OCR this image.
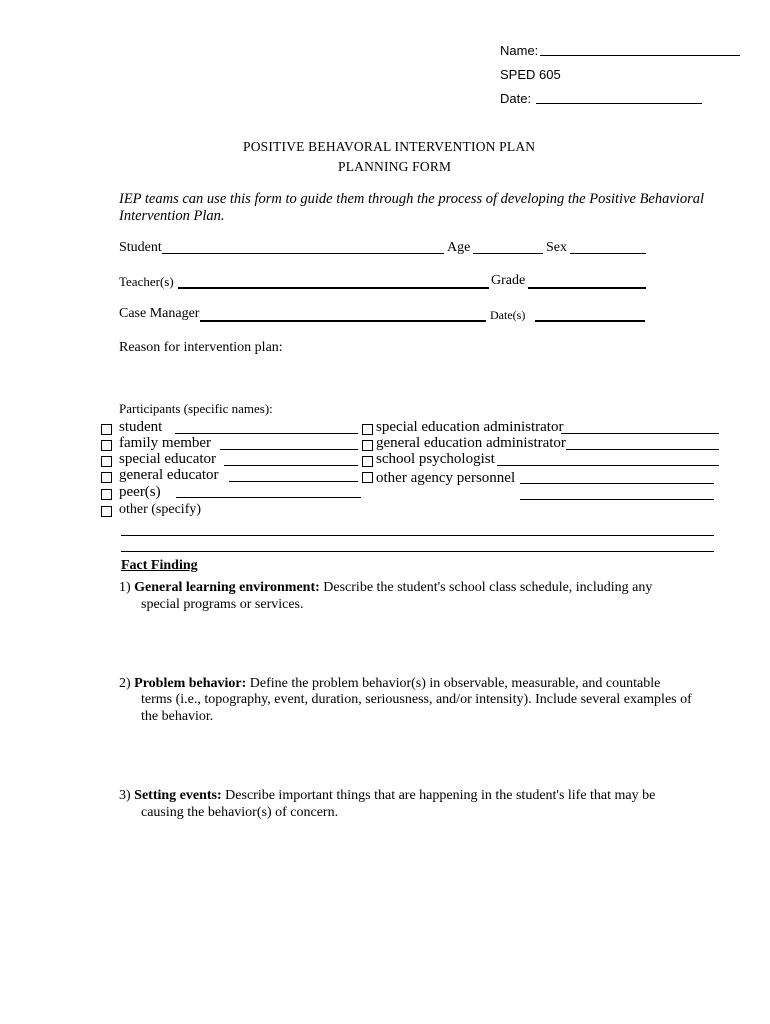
Name:
SPED 605
Date:
POSITIVE BEHAVORAL INTERVENTION PLAN
PLANNING FORM
IEP teams can use this form to guide them through the process of developing the Positive Behavioral
Intervention Plan.
Student	Age	Sex
Teacher(s)	Grade
Case Manager	Date(s)
Reason for intervention plan:
Participants (specific names):
student
family member
special educator
general educator
peer(s)
other (specify)
special education administrator
general education administrator
school psychologist
other agency personnel
Fact Finding
1) General learning environment: Describe the student's school class schedule, including any
special programs or services.
2) Problem behavior: Define the problem behavior(s) in observable, measurable, and countable
terms (i.e., topography, event, duration, seriousness, and/or intensity). Include several examples of
the behavior.
3) Setting events: Describe important things that are happening in the student's life that may be
causing the behavior(s) of concern.
